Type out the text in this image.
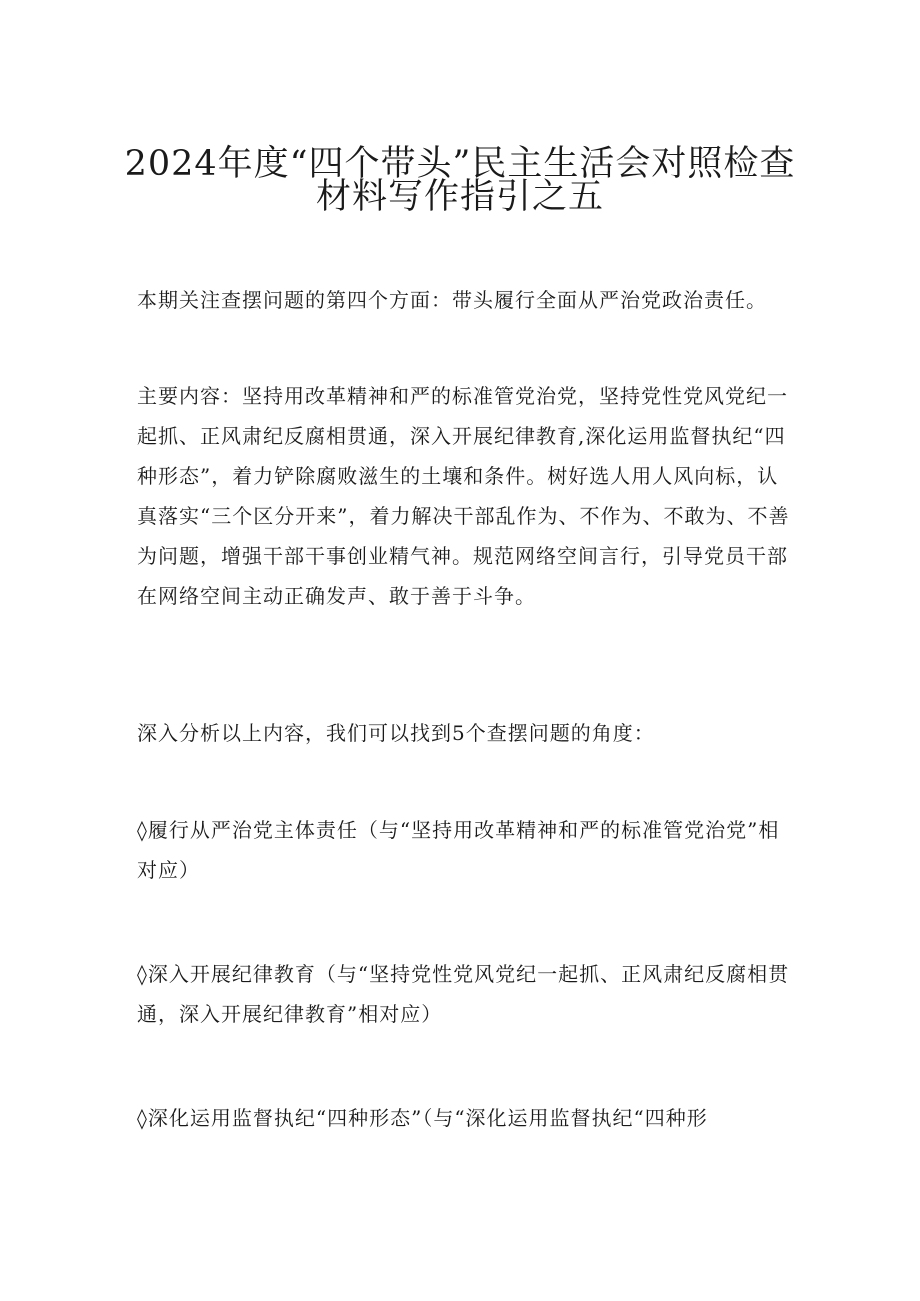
2024年度“四个带头”民主生活会对照检查
材料写作指引之五

本期关注查摆问题的第四个方面：带头履行全面从严治党政治责任。

主要内容：坚持用改革精神和严的标准管党治党，坚持党性党风党纪一起抓、正风肃纪反腐相贯通，深入开展纪律教育,深化运用监督执纪“四种形态”，着力铲除腐败滋生的土壤和条件。树好选人用人风向标，认真落实“三个区分开来”，着力解决干部乱作为、不作为、不敢为、不善为问题，增强干部干事创业精气神。规范网络空间言行，引导党员干部在网络空间主动正确发声、敢于善于斗争。

深入分析以上内容，我们可以找到5个查摆问题的角度：

◊履行从严治党主体责任（与“坚持用改革精神和严的标准管党治党”相对应）

◊深入开展纪律教育（与“坚持党性党风党纪一起抓、正风肃纪反腐相贯通，深入开展纪律教育”相对应）

◊深化运用监督执纪“四种形态”（与“深化运用监督执纪“四种形
